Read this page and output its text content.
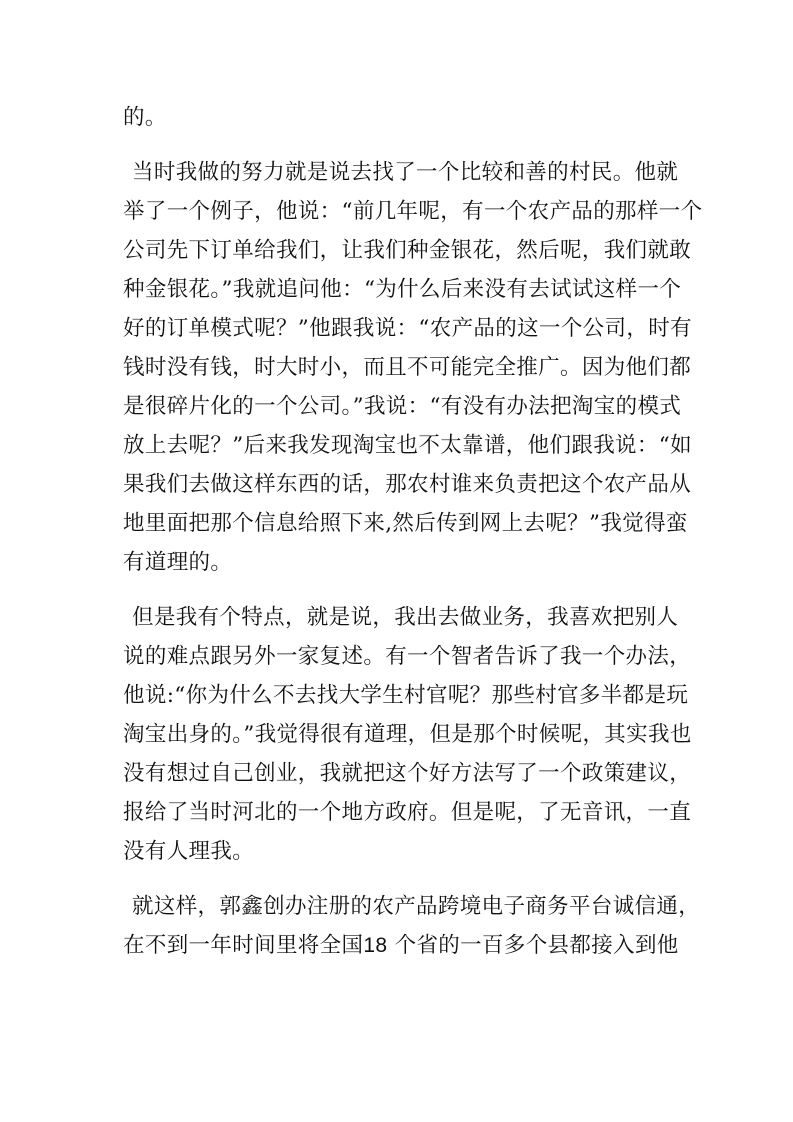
的。
当时我做的努力就是说去找了一个比较和善的村民。他就
举了一个例子，他说：“前几年呢，有一个农产品的那样一个
公司先下订单给我们，让我们种金银花，然后呢，我们就敢
种金银花。”我就追问他：“为什么后来没有去试试这样一个
好的订单模式呢？”他跟我说：“农产品的这一个公司，时有
钱时没有钱，时大时小，而且不可能完全推广。因为他们都
是很碎片化的一个公司。”我说：“有没有办法把淘宝的模式
放上去呢？”后来我发现淘宝也不太靠谱，他们跟我说：“如
果我们去做这样东西的话，那农村谁来负责把这个农产品从
地里面把那个信息给照下来,然后传到网上去呢？”我觉得蛮
有道理的。
但是我有个特点，就是说，我出去做业务，我喜欢把别人
说的难点跟另外一家复述。有一个智者告诉了我一个办法，
他说:“你为什么不去找大学生村官呢？那些村官多半都是玩
淘宝出身的。”我觉得很有道理，但是那个时候呢，其实我也
没有想过自己创业，我就把这个好方法写了一个政策建议，
报给了当时河北的一个地方政府。但是呢，了无音讯，一直
没有人理我。
就这样，郭鑫创办注册的农产品跨境电子商务平台诚信通，
在不到一年时间里将全国18 个省的一百多个县都接入到他
